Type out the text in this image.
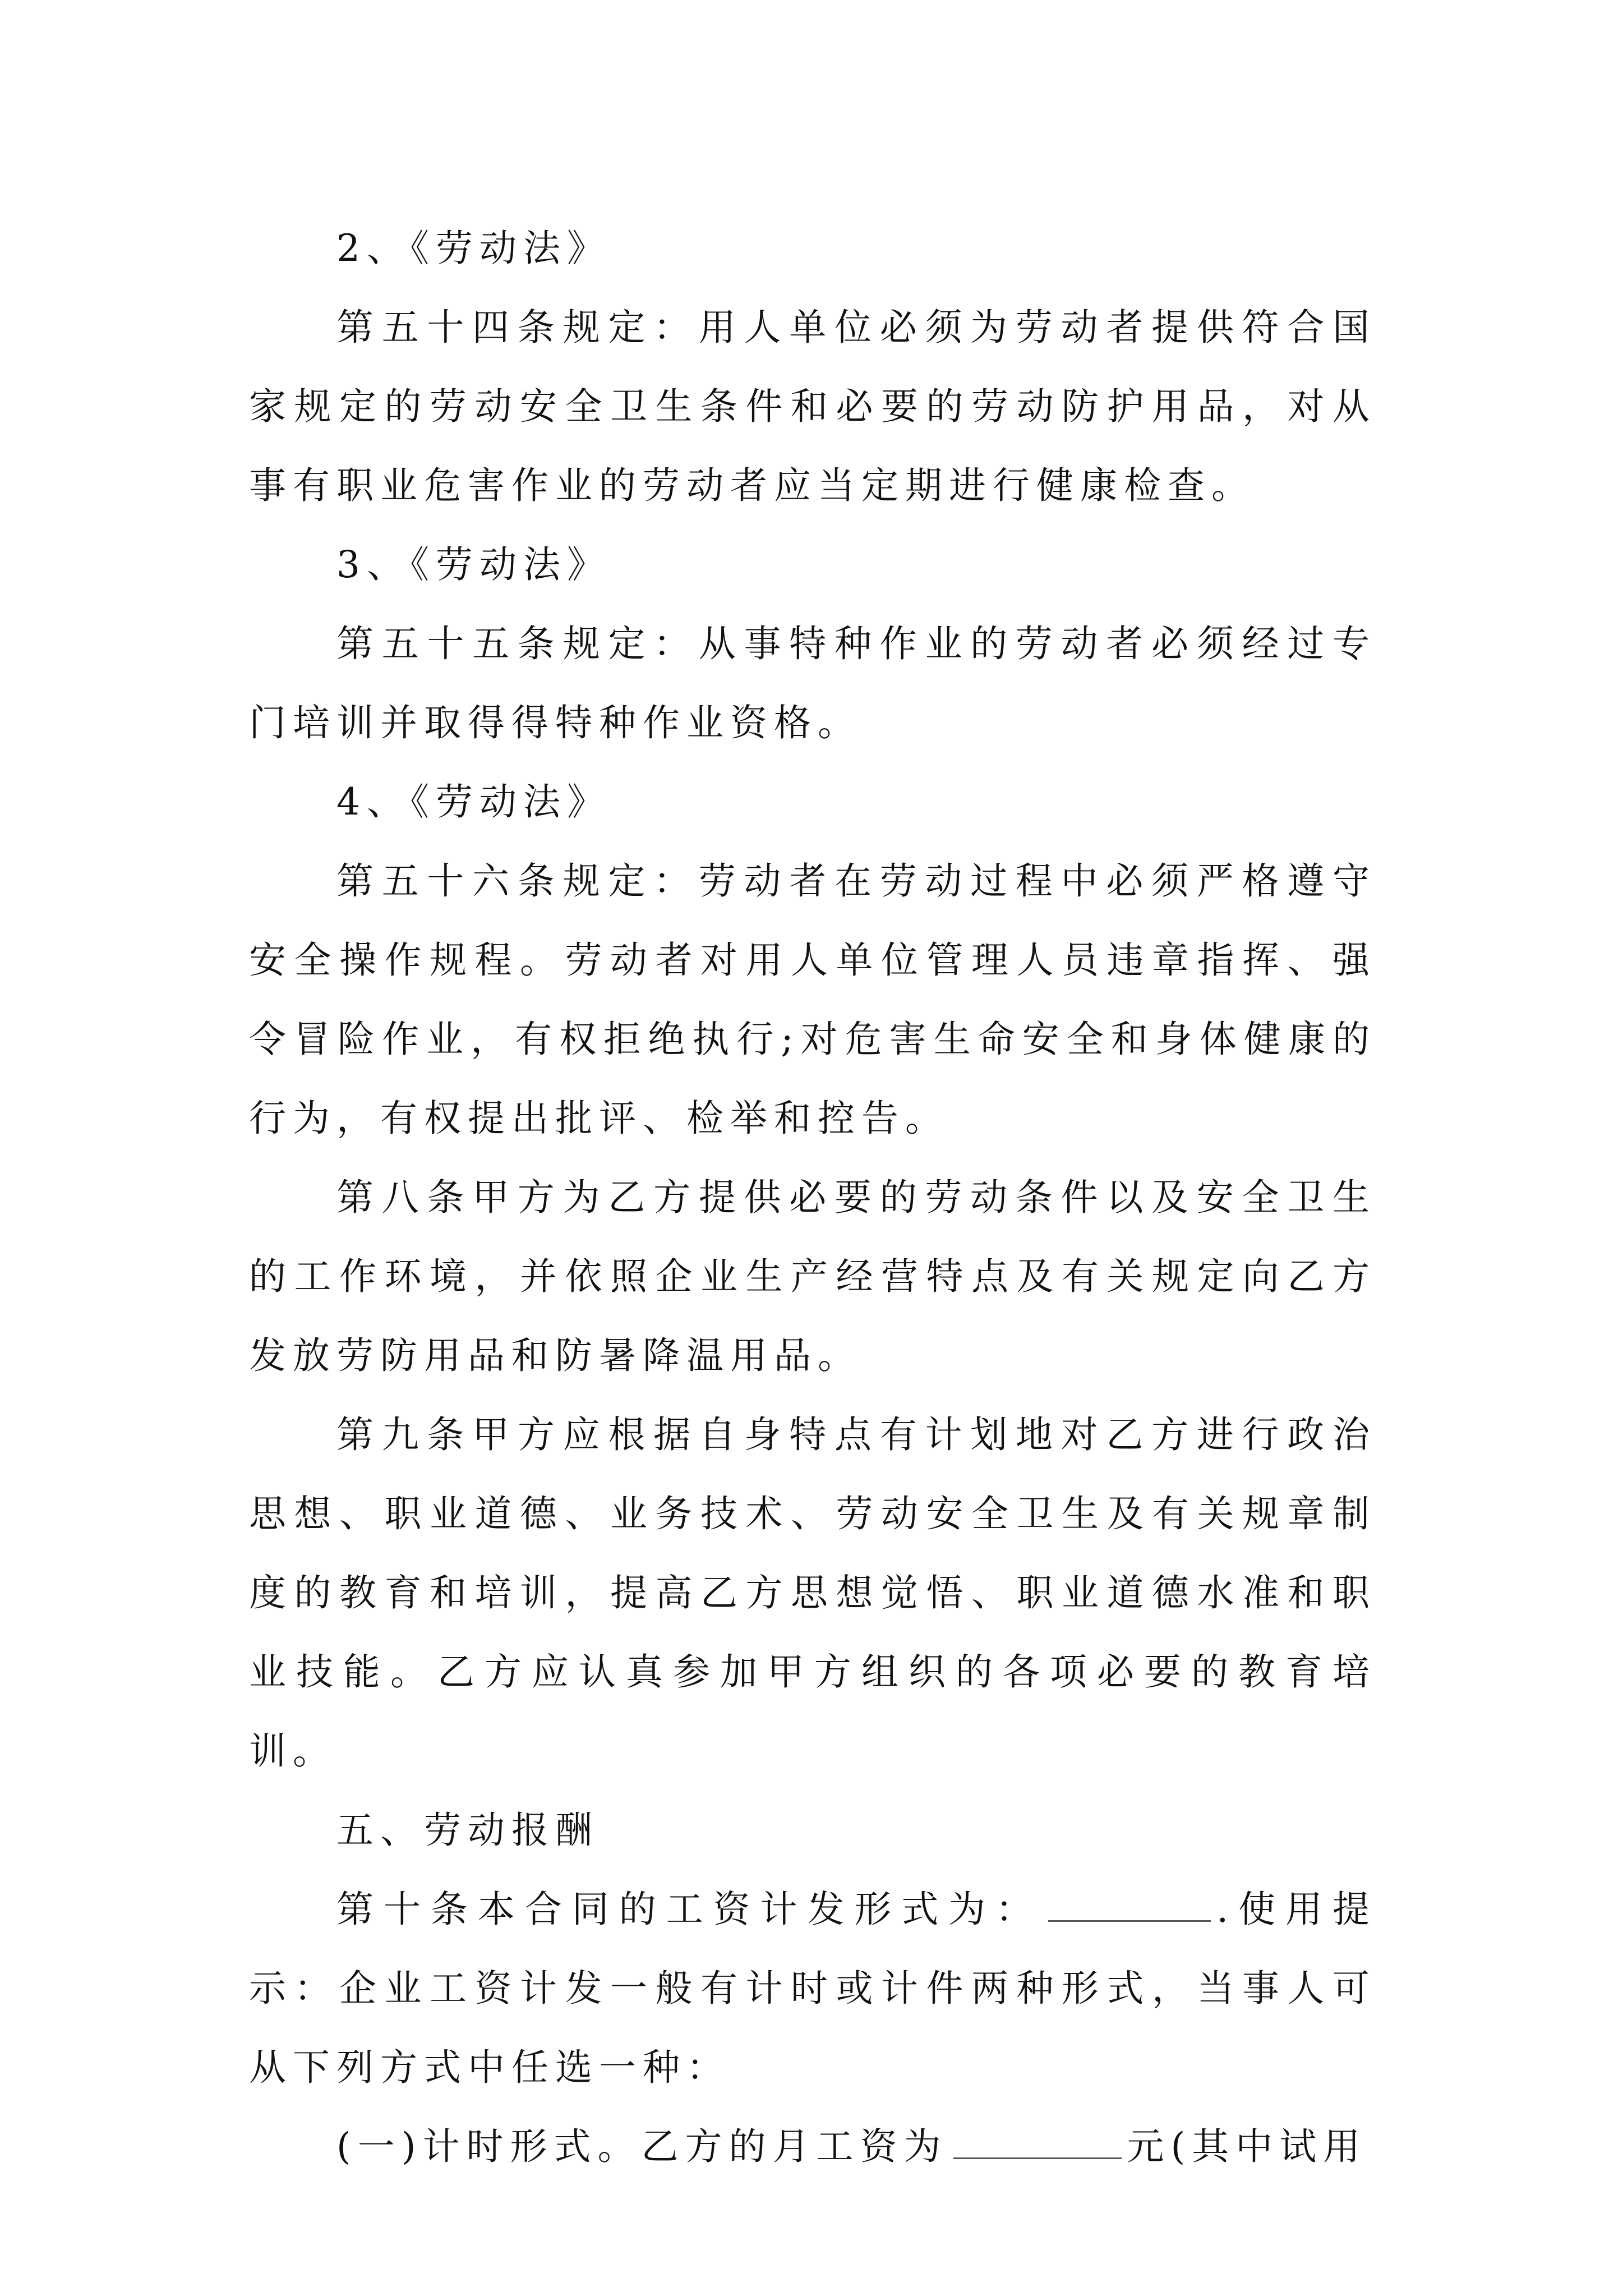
2、《劳动法》

第五十四条规定：用人单位必须为劳动者提供符合国家规定的劳动安全卫生条件和必要的劳动防护用品，对从事有职业危害作业的劳动者应当定期进行健康检查。

3、《劳动法》

第五十五条规定：从事特种作业的劳动者必须经过专门培训并取得得特种作业资格。

4、《劳动法》

第五十六条规定：劳动者在劳动过程中必须严格遵守安全操作规程。劳动者对用人单位管理人员违章指挥、强令冒险作业，有权拒绝执行;对危害生命安全和身体健康的行为，有权提出批评、检举和控告。

第八条甲方为乙方提供必要的劳动条件以及安全卫生的工作环境，并依照企业生产经营特点及有关规定向乙方发放劳防用品和防暑降温用品。

第九条甲方应根据自身特点有计划地对乙方进行政治思想、职业道德、业务技术、劳动安全卫生及有关规章制度的教育和培训，提高乙方思想觉悟、职业道德水准和职业技能。乙方应认真参加甲方组织的各项必要的教育培训。

五、劳动报酬

第十条本合同的工资计发形式为：	.使用提示：企业工资计发一般有计时或计件两种形式，当事人可从下列方式中任选一种：

(一)计时形式。乙方的月工资为	元(其中试用
